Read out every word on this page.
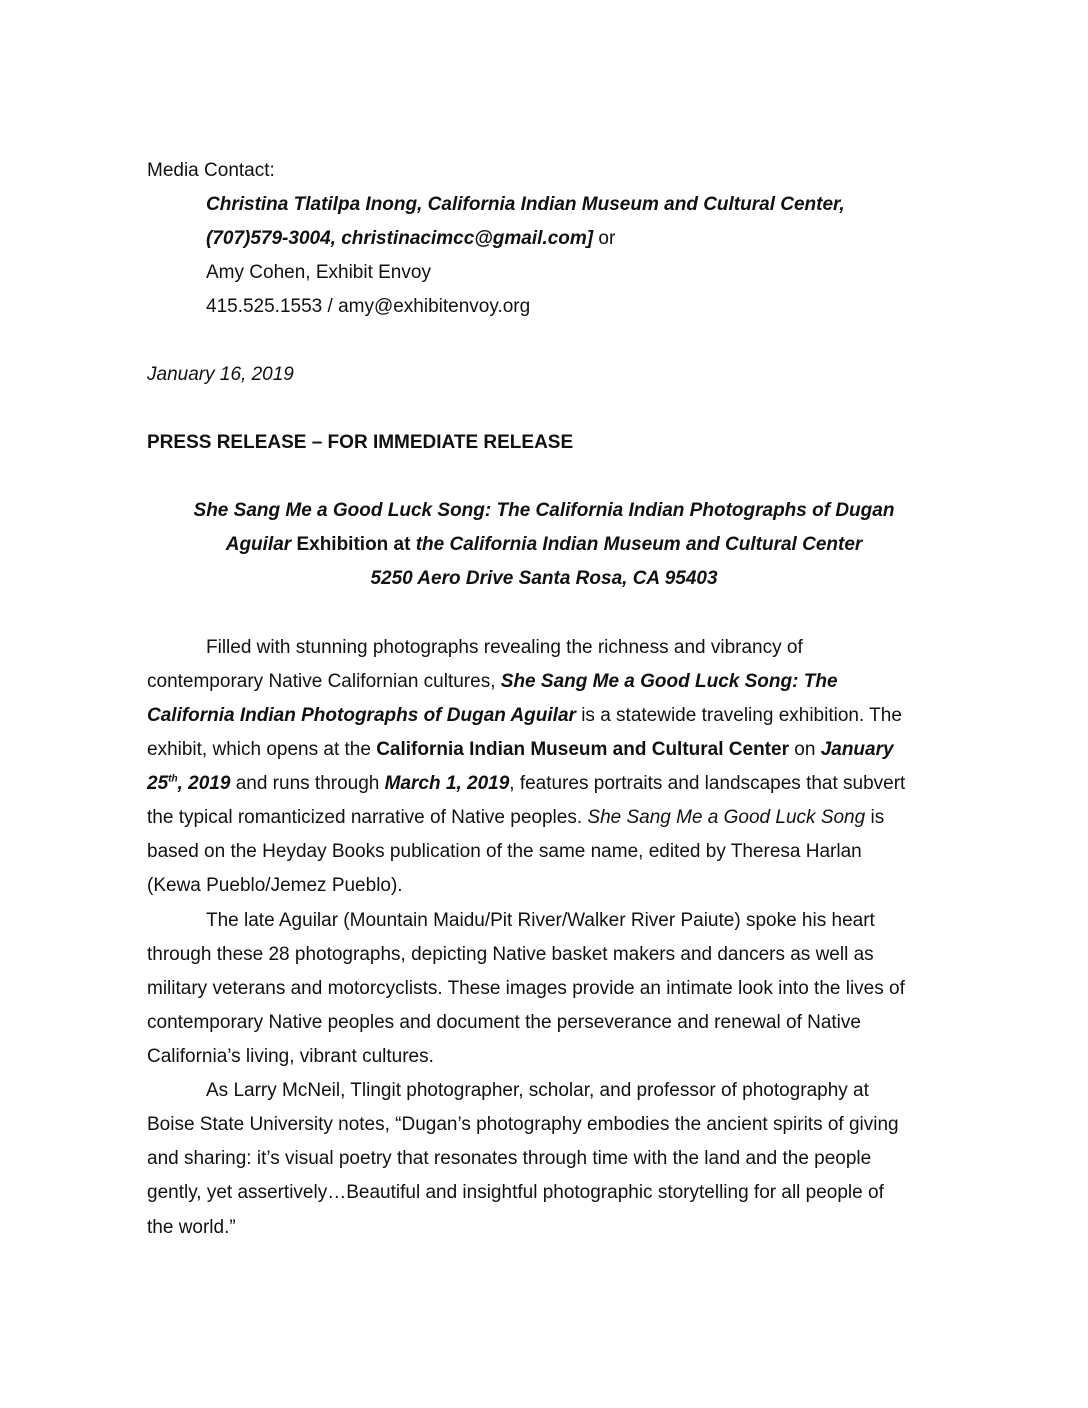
Media Contact:
Christina Tlatilpa Inong, California Indian Museum and Cultural Center,
(707)579-3004, christinacimcc@gmail.com] or
Amy Cohen, Exhibit Envoy
415.525.1553 / amy@exhibitenvoy.org
January 16, 2019
PRESS RELEASE – FOR IMMEDIATE RELEASE
She Sang Me a Good Luck Song: The California Indian Photographs of Dugan
Aguilar Exhibition at the California Indian Museum and Cultural Center
5250 Aero Drive Santa Rosa, CA 95403
Filled with stunning photographs revealing the richness and vibrancy of
contemporary Native Californian cultures, She Sang Me a Good Luck Song: The
California Indian Photographs of Dugan Aguilar is a statewide traveling exhibition. The
exhibit, which opens at the California Indian Museum and Cultural Center on January
25th, 2019 and runs through March 1, 2019, features portraits and landscapes that subvert
the typical romanticized narrative of Native peoples. She Sang Me a Good Luck Song is
based on the Heyday Books publication of the same name, edited by Theresa Harlan
(Kewa Pueblo/Jemez Pueblo).
The late Aguilar (Mountain Maidu/Pit River/Walker River Paiute) spoke his heart
through these 28 photographs, depicting Native basket makers and dancers as well as
military veterans and motorcyclists. These images provide an intimate look into the lives of
contemporary Native peoples and document the perseverance and renewal of Native
California’s living, vibrant cultures.
As Larry McNeil, Tlingit photographer, scholar, and professor of photography at
Boise State University notes, “Dugan’s photography embodies the ancient spirits of giving
and sharing: it’s visual poetry that resonates through time with the land and the people
gently, yet assertively…Beautiful and insightful photographic storytelling for all people of
the world.”
